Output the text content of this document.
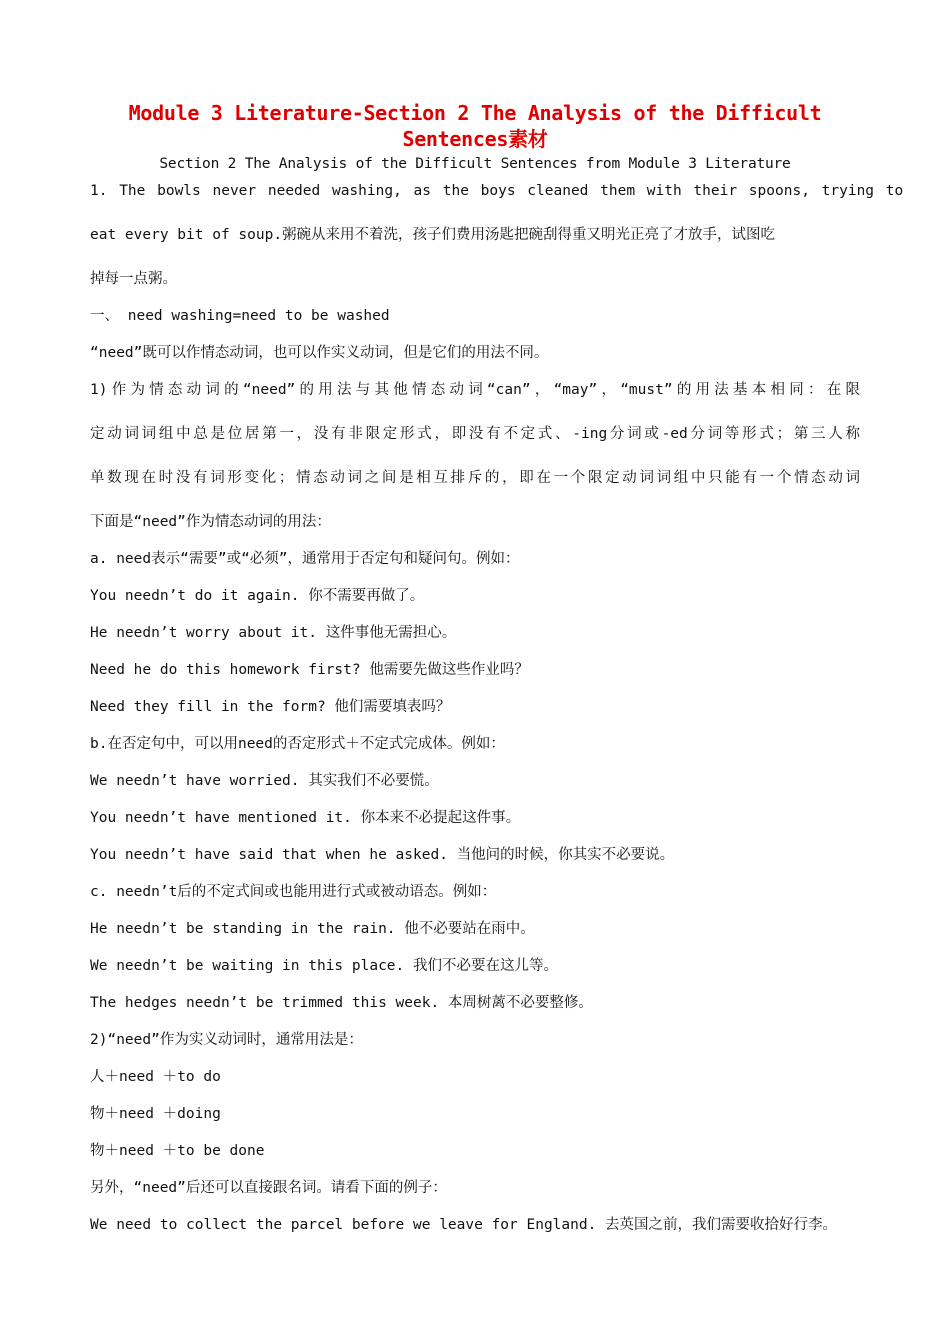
Module 3 Literature-Section 2 The Analysis of the Difficult Sentences素材
Section 2 The Analysis of the Difficult Sentences from Module 3 Literature

1. The bowls never needed washing, as the boys cleaned them with their spoons, trying to

eat every bit of soup.粥碗从来用不着洗，孩子们费用汤匙把碗刮得重又明光正亮了才放手，试图吃

掉每一点粥。

一、 need washing=need to be washed

“need”既可以作情态动词，也可以作实义动词，但是它们的用法不同。

1)作为情态动词的“need”的用法与其他情态动词“can”，“may”，“must”的用法基本相同：在限

定动词词组中总是位居第一，没有非限定形式，即没有不定式、-ing分词或-ed分词等形式；第三人称

单数现在时没有词形变化；情态动词之间是相互排斥的，即在一个限定动词词组中只能有一个情态动词

下面是“need”作为情态动词的用法：

a. need表示“需要”或“必须”，通常用于否定句和疑问句。例如：

You needn’t do it again. 你不需要再做了。

He needn’t worry about it. 这件事他无需担心。

Need he do this homework first? 他需要先做这些作业吗？

Need they fill in the form? 他们需要填表吗？

b.在否定句中，可以用need的否定形式＋不定式完成体。例如：

We needn’t have worried. 其实我们不必要慌。

You needn’t have mentioned it. 你本来不必提起这件事。

You needn’t have said that when he asked. 当他问的时候，你其实不必要说。

c. needn’t后的不定式间或也能用进行式或被动语态。例如：

He needn’t be standing in the rain. 他不必要站在雨中。

We needn’t be waiting in this place. 我们不必要在这儿等。

The hedges needn’t be trimmed this week. 本周树蓠不必要整修。

2)“need”作为实义动词时，通常用法是：

人＋need ＋to do

物＋need ＋doing

物＋need ＋to be done

另外，“need”后还可以直接跟名词。请看下面的例子：

We need to collect the parcel before we leave for England. 去英国之前，我们需要收拾好行李。
